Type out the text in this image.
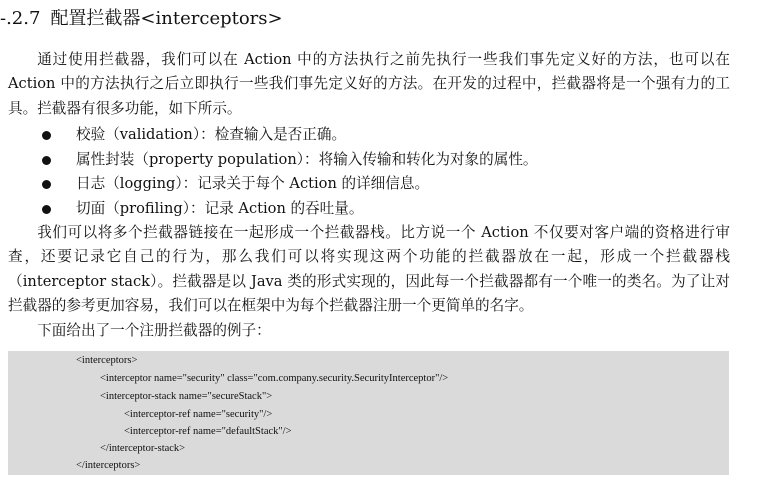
-.2.7 配置拦截器<interceptors>

通过使用拦截器，我们可以在 Action 中的方法执行之前先执行一些我们事先定义好的方法，也可以在 Action 中的方法执行之后立即执行一些我们事先定义好的方法。在开发的过程中，拦截器将是一个强有力的工具。拦截器有很多功能，如下所示。

校验（validation）：检查输入是否正确。
属性封装（property population）：将输入传输和转化为对象的属性。
日志（logging）：记录关于每个 Action 的详细信息。
切面（profiling）：记录 Action 的吞吐量。

我们可以将多个拦截器链接在一起形成一个拦截器栈。比方说一个 Action 不仅要对客户端的资格进行审查，还要记录它自己的行为，那么我们可以将实现这两个功能的拦截器放在一起，形成一个拦截器栈（interceptor stack）。拦截器是以 Java 类的形式实现的，因此每一个拦截器都有一个唯一的类名。为了让对拦截器的参考更加容易，我们可以在框架中为每个拦截器注册一个更简单的名字。

下面给出了一个注册拦截器的例子：

<interceptors>
<interceptor name="security" class="com.company.security.SecurityInterceptor"/>
<interceptor-stack name="secureStack">
<interceptor-ref name="security"/>
<interceptor-ref name="defaultStack"/>
</interceptor-stack>
</interceptors>
